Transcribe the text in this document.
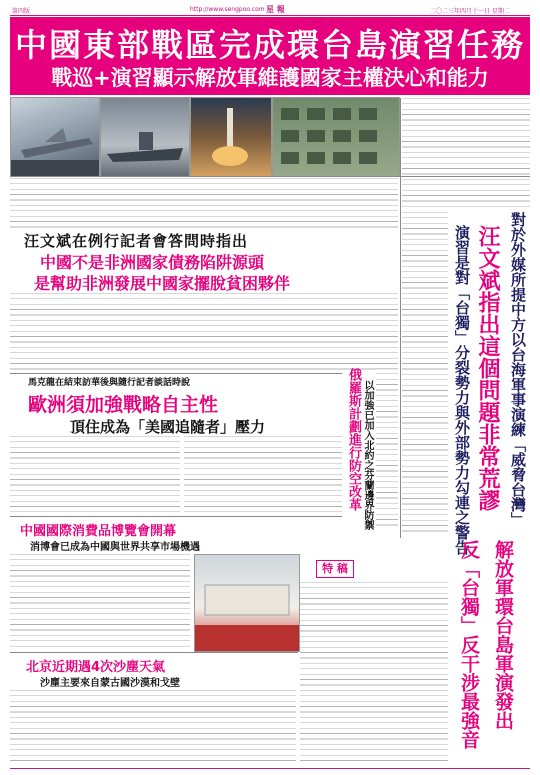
第四版	http://www.sengpoo.com 星 報	二〇二三年四月十一日 星期二
中國東部戰區完成環台島演習任務
戰巡+演習顯示解放軍維護國家主權決心和能力
汪文斌在例行記者會答問時指出
中國不是非洲國家債務陷阱源頭
是幫助非洲發展中國家擺脫貧困夥伴
馬克龍在結束訪華後與隨行記者談話時說
歐洲須加強戰略自主性
頂住成為「美國追隨者」壓力	俄羅斯計劃進行防空改革 以加強已加入北約之芬蘭邊界防禦	對於外媒所提中方以台海軍事演練「威脅台灣」
汪文斌指出這個問題非常荒謬
演習是對「台獨」分裂勢力與外部勢力勾連之警告
中國國際消費品博覽會開幕
消博會已成為中國與世界共享市場機遇
特 稿	解放軍環台島軍演發出
反「台獨」反干涉最強音
北京近期遇4次沙塵天氣
沙塵主要來自蒙古國沙漠和戈壁
